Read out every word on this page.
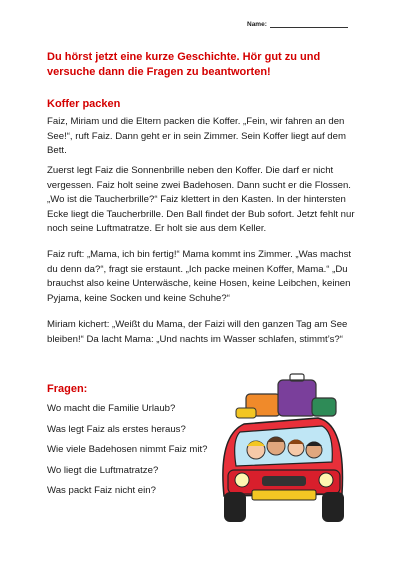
Name:
Du hörst jetzt eine kurze Geschichte. Hör gut zu und versuche dann die Fragen zu beantworten!
Koffer packen
Faiz, Miriam und die Eltern packen die Koffer. „Fein, wir fahren an den See!“, ruft Faiz. Dann geht er in sein Zimmer. Sein Koffer liegt auf dem Bett.
Zuerst legt Faiz die Sonnenbrille neben den Koffer. Die darf er nicht vergessen. Faiz holt seine zwei Badehosen. Dann sucht er die Flossen. „Wo ist die Taucherbrille?“ Faiz klettert in den Kasten. In der hintersten Ecke liegt die Taucherbrille. Den Ball findet der Bub sofort. Jetzt fehlt nur noch seine Luftmatratze. Er holt sie aus dem Keller.
Faiz ruft: „Mama, ich bin fertig!“ Mama kommt ins Zimmer. „Was machst du denn da?“, fragt sie erstaunt. „Ich packe meinen Koffer, Mama.“ „Du brauchst also keine Unterwäsche, keine Hosen, keine Leibchen, keinen Pyjama, keine Socken und keine Schuhe?“
Miriam kichert: „Weißt du Mama, der Faizi will den ganzen Tag am See bleiben!“ Da lacht Mama: „Und nachts im Wasser schlafen, stimmt’s?“
Fragen:
Wo macht die Familie Urlaub?
Was legt Faiz als erstes heraus?
Wie viele Badehosen nimmt Faiz mit?
Wo liegt die Luftmatratze?
Was packt Faiz nicht ein?
